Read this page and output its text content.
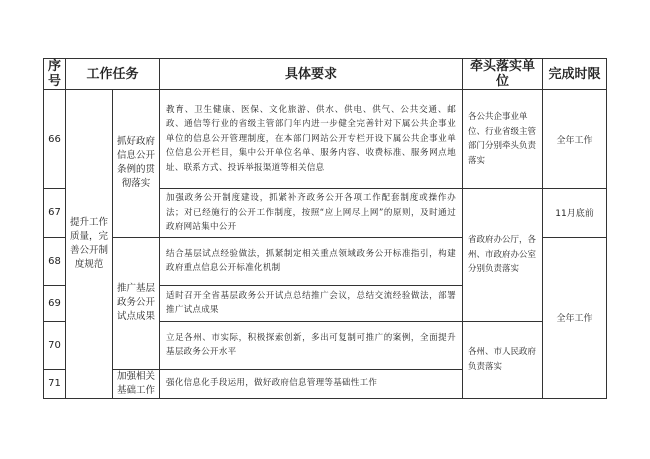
序号	工作任务		具体要求	牵头落实单　　位	完成时限
66	提升工作质量，完善公开制度规范	抓好政府信息公开条例的贯彻落实	教育、卫生健康、医保、文化旅游、供水、供电、供气、公共交通、邮政、通信等行业的省级主管部门年内进一步健全完善针对下属公共企事业单位的信息公开管理制度，在本部门网站公开专栏开设下属公共企事业单位信息公开栏目，集中公开单位名单、服务内容、收费标准、服务网点地址、联系方式、投诉举报渠道等相关信息	各公共企事业单位、行业省级主管部门分别牵头负责落实	全年工作
67			加强政务公开制度建设，抓紧补齐政务公开各项工作配套制度或操作办法；对已经施行的公开工作制度，按照“应上网尽上网”的原则，及时通过政府网站集中公开	省政府办公厅，各州、市政府办公室分别负责落实	11月底前
68		推广基层政务公开试点成果	结合基层试点经验做法，抓紧制定相关重点领域政务公开标准指引，构建政府重点信息公开标准化机制		全年工作
69			适时召开全省基层政务公开试点总结推广会议，总结交流经验做法，部署推广试点成果		
70			立足各州、市实际，积极探索创新，多出可复制可推广的案例，全面提升基层政务公开水平	各州、市人民政府负责落实	
71		加强相关基础工作	强化信息化手段运用，做好政府信息管理等基础性工作		
